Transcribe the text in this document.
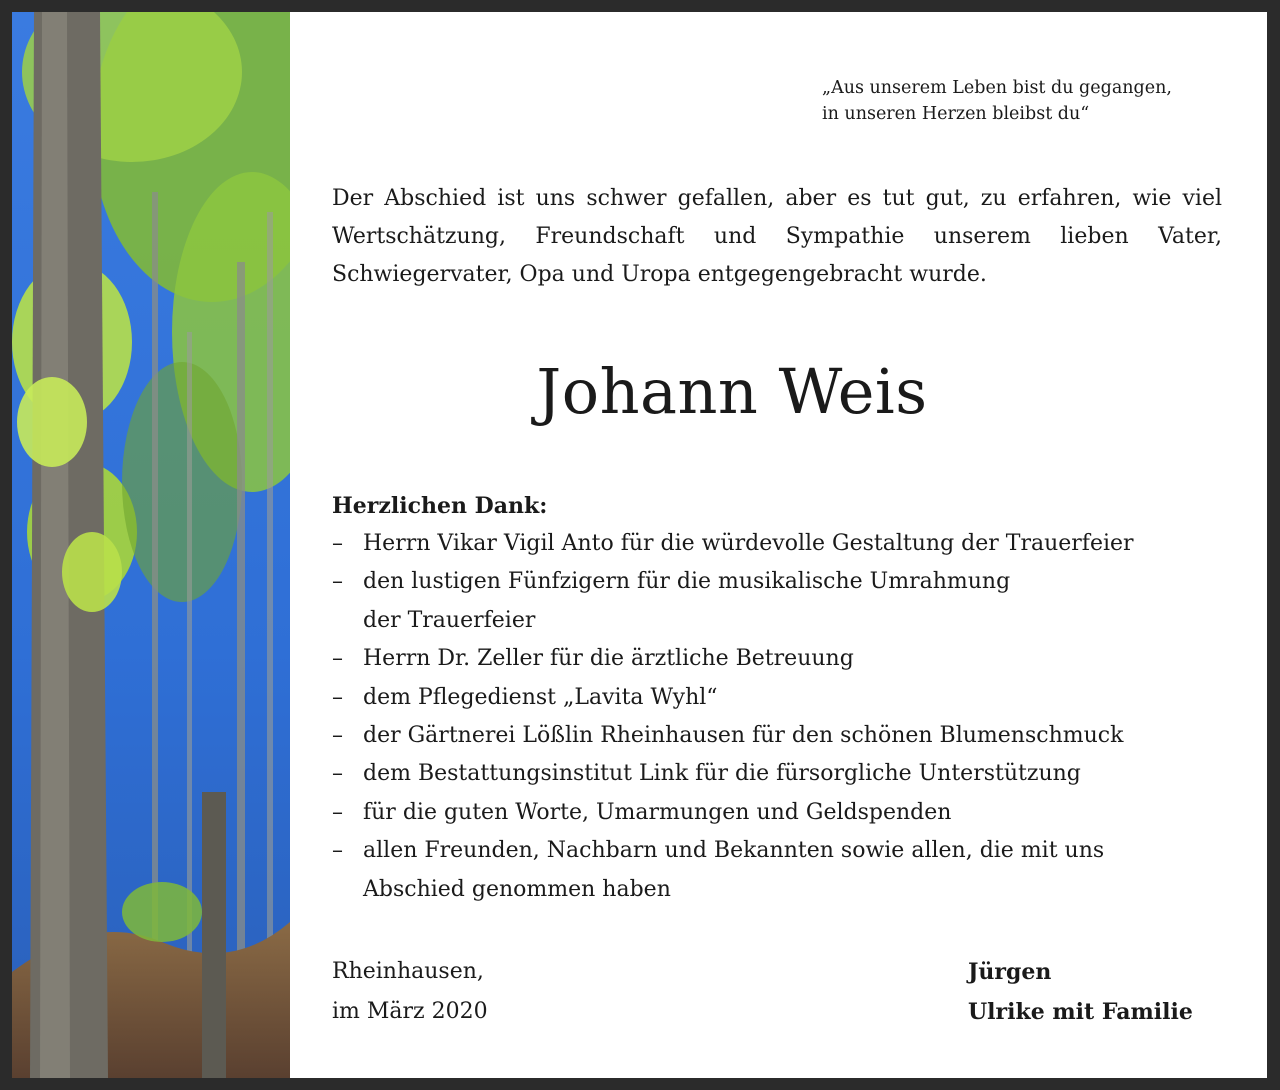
„Aus unserem Leben bist du gegangen,
in unseren Herzen bleibst du“
Der Abschied ist uns schwer gefallen, aber es tut gut, zu erfahren, wie viel Wertschätzung, Freundschaft und Sympathie unserem lieben Vater, Schwiegervater, Opa und Uropa entgegengebracht wurde.
Johann Weis
Herzlichen Dank:
– Herrn Vikar Vigil Anto für die würdevolle Gestaltung der Trauerfeier
– den lustigen Fünfzigern für die musikalische Umrahmung
der Trauerfeier
– Herrn Dr. Zeller für die ärztliche Betreuung
– dem Pflegedienst „Lavita Wyhl“
– der Gärtnerei Lößlin Rheinhausen für den schönen Blumenschmuck
– dem Bestattungsinstitut Link für die fürsorgliche Unterstützung
– für die guten Worte, Umarmungen und Geldspenden
– allen Freunden, Nachbarn und Bekannten sowie allen, die mit uns
Abschied genommen haben
Rheinhausen,
im März 2020
Jürgen
Ulrike mit Familie
